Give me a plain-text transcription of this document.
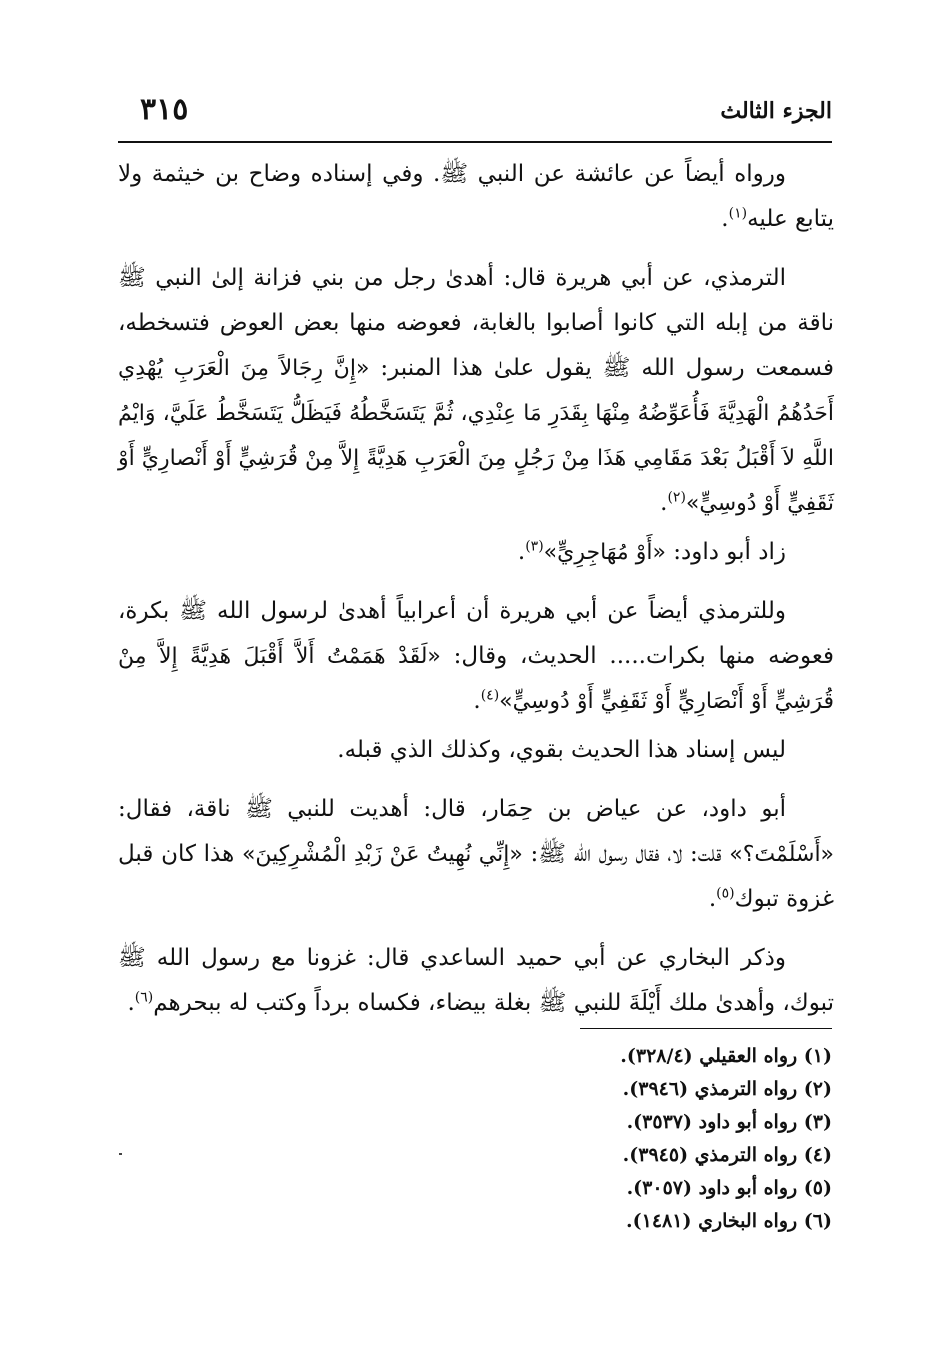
الجزء الثالث
٣١٥

ورواه أيضاً عن عائشة عن النبي ﷺ. وفي إسناده وضاح بن خيثمة ولا يتابع عليه$^{(١)}$.

الترمذي، عن أبي هريرة قال: أهدىٰ رجل من بني فزانة إلىٰ النبي ﷺ ناقة من إبله التي كانوا أصابوا بالغابة، فعوضه منها بعض العوض فتسخطه، فسمعت رسول الله ﷺ يقول علىٰ هذا المنبر: «إِنَّ رِجَالاً مِنَ الْعَرَبِ يُهْدِي أَحَدُهُمُ الْهَدِيَّةَ فَأُعَوِّضُهُ مِنْهَا بِقَدَرِ مَا عِنْدِي، ثُمَّ يَتَسَخَّطُهُ فَيَظَلُّ يَتَسَخَّطُ عَلَيَّ، وَايْمُ اللَّهِ لاَ أَقْبَلُ بَعْدَ مَقَامِي هَذَا مِنْ رَجُلٍ مِنَ الْعَرَبِ هَدِيَّةً إِلاَّ مِنْ قُرَشِيٍّ أَوْ أَنْصارِيٍّ أَوْ ثَقَفِيٍّ أَوْ دُوسِيٍّ»$^{(٢)}$.

زاد أبو داود: «أَوْ مُهَاجِرِيٍّ»$^{(٣)}$.

وللترمذي أيضاً عن أبي هريرة أن أعرابياً أهدىٰ لرسول الله ﷺ بكرة، فعوضه منها بكرات..... الحديث، وقال: «لَقَدْ هَمَمْتُ أَلاَّ أَقْبَلَ هَدِيَّةً إِلاَّ مِنْ قُرَشِيٍّ أَوْ أَنْصَارِيٍّ أَوْ ثَقَفِيٍّ أَوْ دُوسِيٍّ»$^{(٤)}$.

ليس إسناد هذا الحديث بقوي، وكذلك الذي قبله.

أبو داود، عن عياض بن حِمَار، قال: أهديت للنبي ﷺ ناقة، فقال: «أَسْلَمْتَ؟» قلت: لا، فقال رسول الله ﷺ: «إِنِّي نُهِيتُ عَنْ زَبْدِ الْمُشْرِكِينَ» هذا كان قبل غزوة تبوك$^{(٥)}$.

وذكر البخاري عن أبي حميد الساعدي قال: غزونا مع رسول الله ﷺ تبوك، وأهدىٰ ملك أَيْلَةَ للنبي ﷺ بغلة بيضاء، فكساه برداً وكتب له ببحرهم$^{(٦)}$.

(١) رواه العقيلي (٣٢٨/٤).
(٢) رواه الترمذي (٣٩٤٦).
(٣) رواه أبو داود (٣٥٣٧).
(٤) رواه الترمذي (٣٩٤٥).
(٥) رواه أبو داود (٣٠٥٧).
(٦) رواه البخاري (١٤٨١).
